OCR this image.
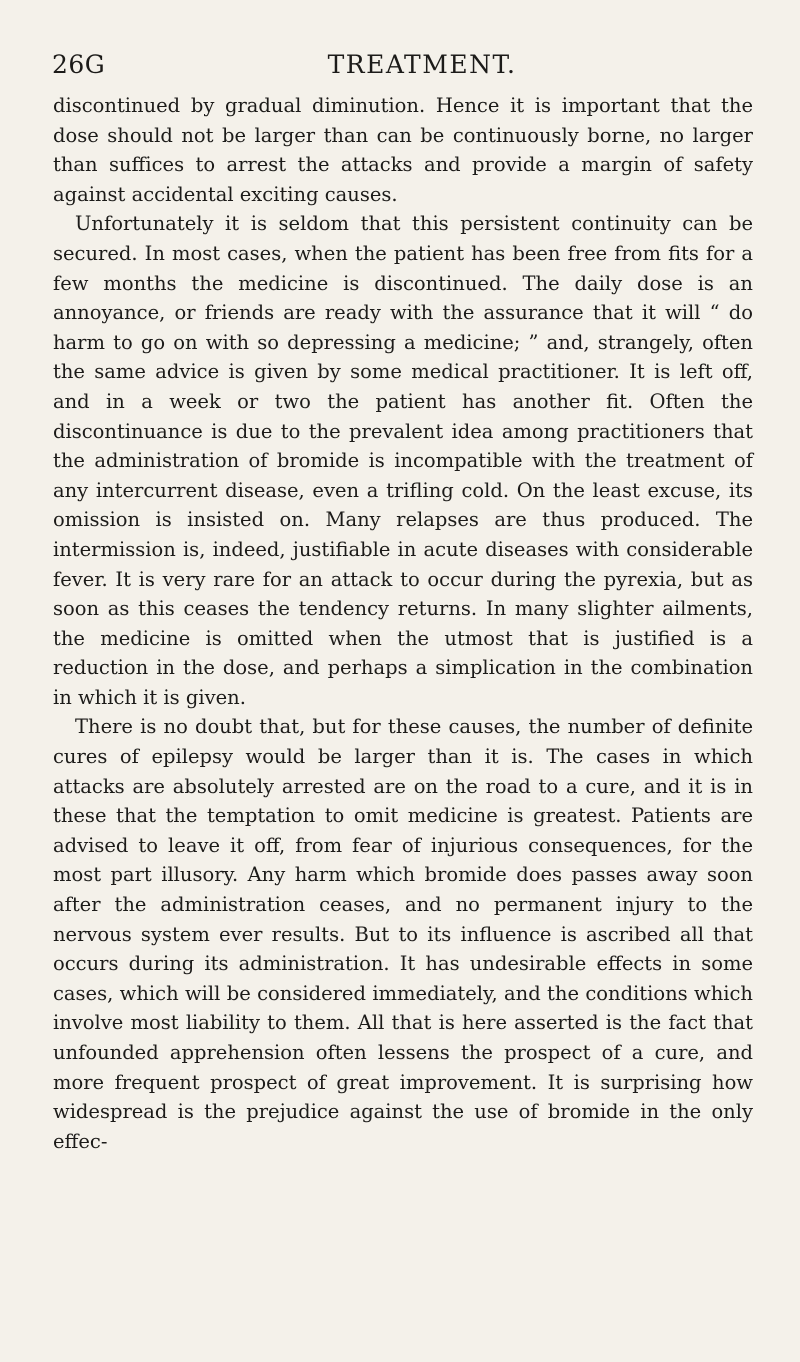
26G	TREATMENT.

discontinued by gradual diminution. Hence it is important that the dose should not be larger than can be continuously borne, no larger than suffices to arrest the attacks and provide a margin of safety against accidental exciting causes.

Unfortunately it is seldom that this persistent continuity can be secured. In most cases, when the patient has been free from fits for a few months the medicine is discontinued. The daily dose is an annoyance, or friends are ready with the assurance that it will “ do harm to go on with so depressing a medicine; ” and, strangely, often the same advice is given by some medical practitioner. It is left off, and in a week or two the patient has another fit. Often the discontinuance is due to the prevalent idea among practitioners that the administration of bromide is incompatible with the treatment of any intercurrent disease, even a trifling cold. On the least excuse, its omission is insisted on. Many relapses are thus produced. The intermission is, indeed, justifiable in acute diseases with considerable fever. It is very rare for an attack to occur during the pyrexia, but as soon as this ceases the tendency returns. In many slighter ailments, the medicine is omitted when the utmost that is justified is a reduction in the dose, and perhaps a simplication in the combination in which it is given.

There is no doubt that, but for these causes, the number of definite cures of epilepsy would be larger than it is. The cases in which attacks are absolutely arrested are on the road to a cure, and it is in these that the temptation to omit medicine is greatest. Patients are advised to leave it off, from fear of injurious consequences, for the most part illusory. Any harm which bromide does passes away soon after the administration ceases, and no permanent injury to the nervous system ever results. But to its influence is ascribed all that occurs during its administration. It has undesirable effects in some cases, which will be considered immediately, and the conditions which involve most liability to them. All that is here asserted is the fact that unfounded apprehension often lessens the prospect of a cure, and more frequent prospect of great improvement. It is surprising how widespread is the prejudice against the use of bromide in the only effec-
